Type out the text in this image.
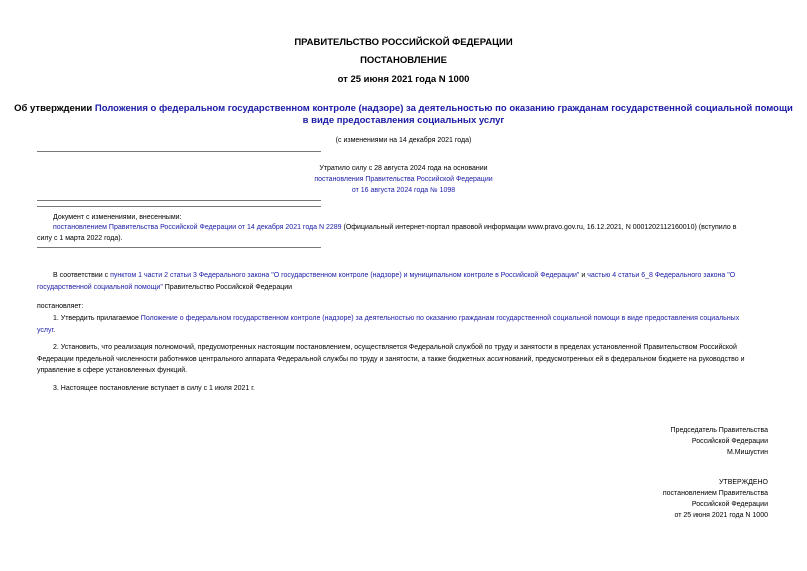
ПРАВИТЕЛЬСТВО РОССИЙСКОЙ ФЕДЕРАЦИИ
ПОСТАНОВЛЕНИЕ
от 25 июня 2021 года N 1000
Об утверждении Положения о федеральном государственном контроле (надзоре) за деятельностью по оказанию гражданам государственной социальной помощи
в виде предоставления социальных услуг
(с изменениями на 14 декабря 2021 года)
Утратило силу с 28 августа 2024 года на основании
постановления Правительства Российской Федерации
от 16 августа 2024 года № 1098
Документ с изменениями, внесенными:
постановлением Правительства Российской Федерации от 14 декабря 2021 года N 2289 (Официальный интернет-портал правовой информации www.pravo.gov.ru, 16.12.2021, N 0001202112160010) (вступило в
силу с 1 марта 2022 года).
В соответствии с пунктом 1 части 2 статьи 3 Федерального закона "О государственном контроле (надзоре) и муниципальном контроле в Российской Федерации" и частью 4 статьи 6_8 Федерального закона "О
государственной социальной помощи" Правительство Российской Федерации
постановляет:
1. Утвердить прилагаемое Положение о федеральном государственном контроле (надзоре) за деятельностью по оказанию гражданам государственной социальной помощи в виде предоставления социальных
услуг.
2. Установить, что реализация полномочий, предусмотренных настоящим постановлением, осуществляется Федеральной службой по труду и занятости в пределах установленной Правительством Российской
Федерации предельной численности работников центрального аппарата Федеральной службы по труду и занятости, а также бюджетных ассигнований, предусмотренных ей в федеральном бюджете на руководство и
управление в сфере установленных функций.
3. Настоящее постановление вступает в силу с 1 июля 2021 г.
Председатель Правительства
Российской Федерации
М.Мишустин
УТВЕРЖДЕНО
постановлением Правительства
Российской Федерации
от 25 июня 2021 года N 1000
